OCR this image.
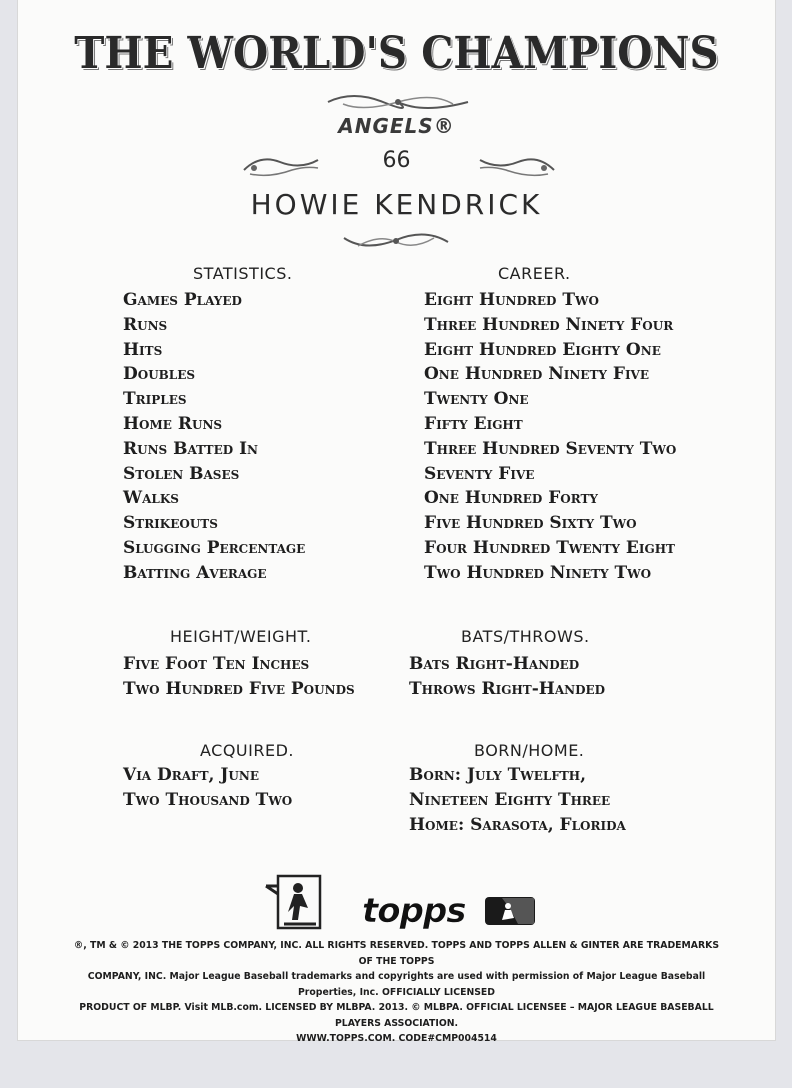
THE WORLD'S CHAMPIONS
ANGELS®
66
HOWIE KENDRICK
STATISTICS.	CAREER.
Games Played
Runs
Hits
Doubles
Triples
Home Runs
Runs Batted In
Stolen Bases
Walks
Strikeouts
Slugging Percentage
Batting Average
Eight Hundred Two
Three Hundred Ninety Four
Eight Hundred Eighty One
One Hundred Ninety Five
Twenty One
Fifty Eight
Three Hundred Seventy Two
Seventy Five
One Hundred Forty
Five Hundred Sixty Two
Four Hundred Twenty Eight
Two Hundred Ninety Two
HEIGHT/WEIGHT.
Five Foot Ten Inches
Two Hundred Five Pounds
BATS/THROWS.
Bats Right-Handed
Throws Right-Handed
ACQUIRED.
Via Draft, June
Two Thousand Two
BORN/HOME.
Born: July Twelfth,
Nineteen Eighty Three
Home: Sarasota, Florida
topps
®, TM & © 2013 THE TOPPS COMPANY, INC. ALL RIGHTS RESERVED. TOPPS AND TOPPS ALLEN & GINTER ARE TRADEMARKS OF THE TOPPS
COMPANY, INC. Major League Baseball trademarks and copyrights are used with permission of Major League Baseball Properties, Inc. OFFICIALLY LICENSED
PRODUCT OF MLBP. Visit MLB.com. LICENSED BY MLBPA. 2013. © MLBPA. OFFICIAL LICENSEE – MAJOR LEAGUE BASEBALL PLAYERS ASSOCIATION.
WWW.TOPPS.COM. CODE#CMP004514
